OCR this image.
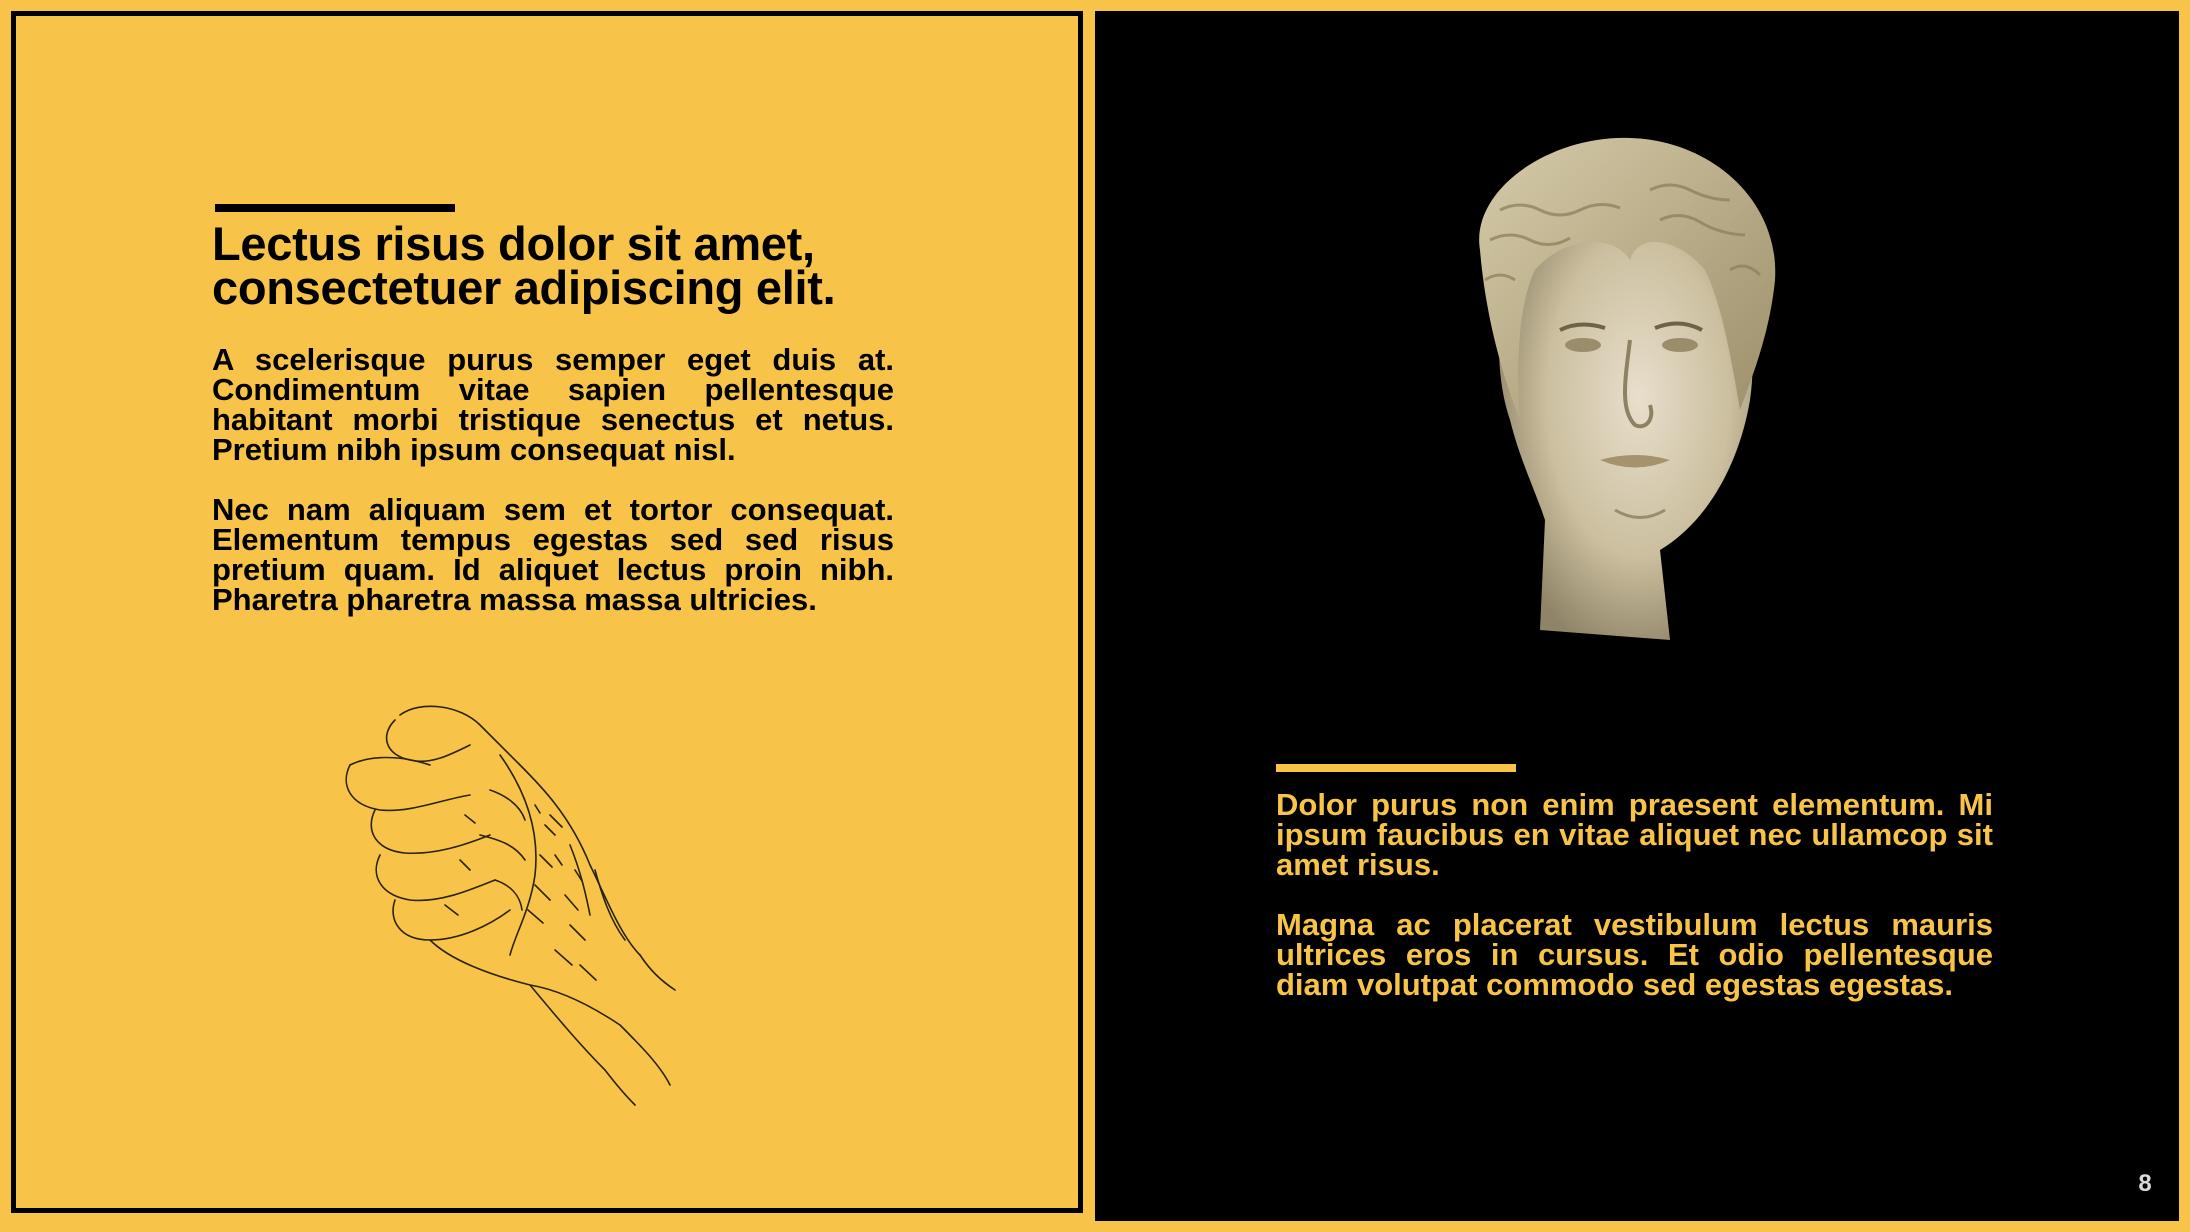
Lectus risus dolor sit amet, consectetuer adipiscing elit.

A scelerisque purus semper eget duis at. Condimentum vitae sapien pellentesque habitant morbi tristique senectus et netus. Pretium nibh ipsum consequat nisl.

Nec nam aliquam sem et tortor consequat. Elementum tempus egestas sed sed risus pretium quam. Id aliquet lectus proin nibh. Pharetra pharetra massa massa ultricies.

Dolor purus non enim praesent elementum. Mi ipsum faucibus en vitae aliquet nec ullamcop sit amet risus.

Magna ac placerat vestibulum lectus mauris ultrices eros in cursus. Et odio pellentesque diam volutpat commodo sed egestas egestas.

8
